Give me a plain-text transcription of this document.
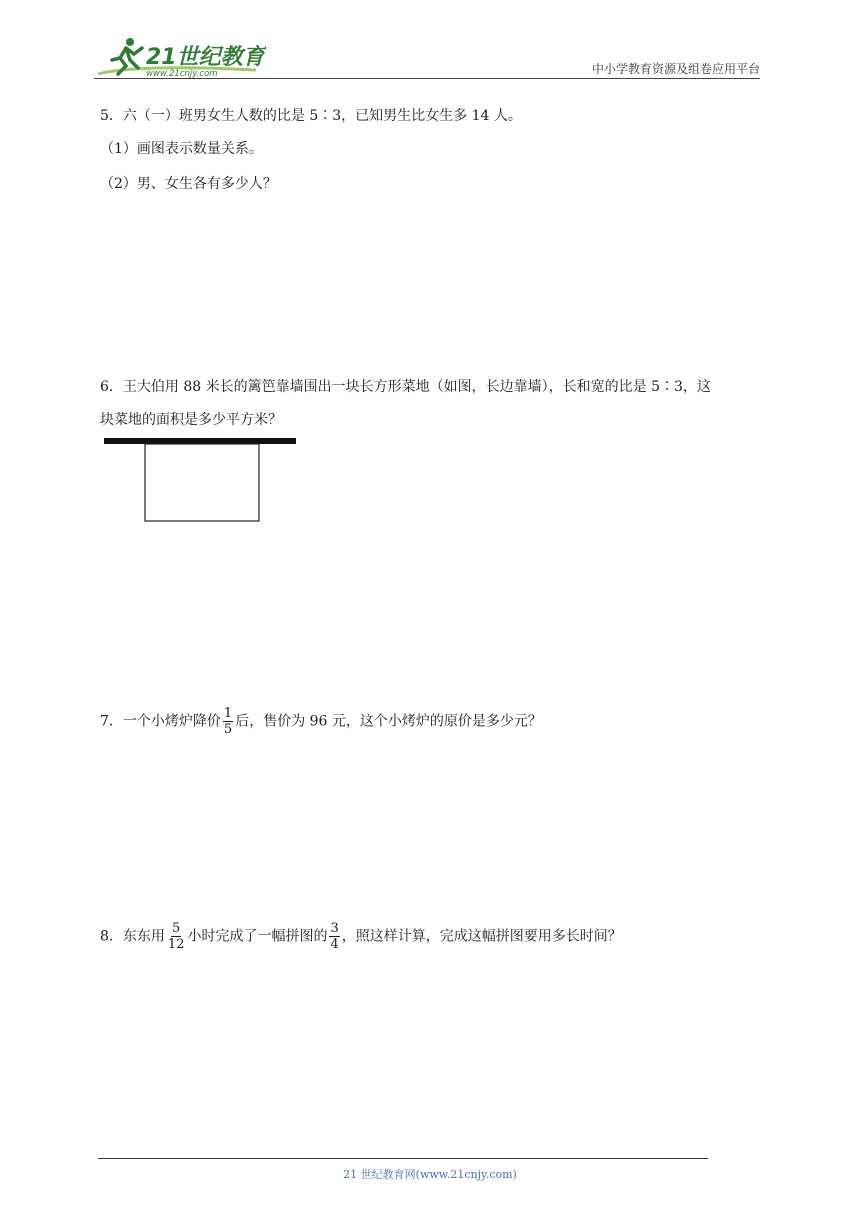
21世纪教育
www.21cnjy.com	中小学教育资源及组卷应用平台
5．六（一）班男女生人数的比是 5∶3，已知男生比女生多 14 人。
（1）画图表示数量关系。
（2）男、女生各有多少人？
6．王大伯用 88 米长的篱笆靠墙围出一块长方形菜地（如图，长边靠墙），长和宽的比是 5∶3，这
块菜地的面积是多少平方米？
7．一个小烤炉降价 $\frac{1}{5}$ 后，售价为 96 元，这个小烤炉的原价是多少元？
8．东东用 $\frac{5}{12}$ 小时完成了一幅拼图的 $\frac{3}{4}$ ，照这样计算，完成这幅拼图要用多长时间？
21 世纪教育网(www.21cnjy.com)
